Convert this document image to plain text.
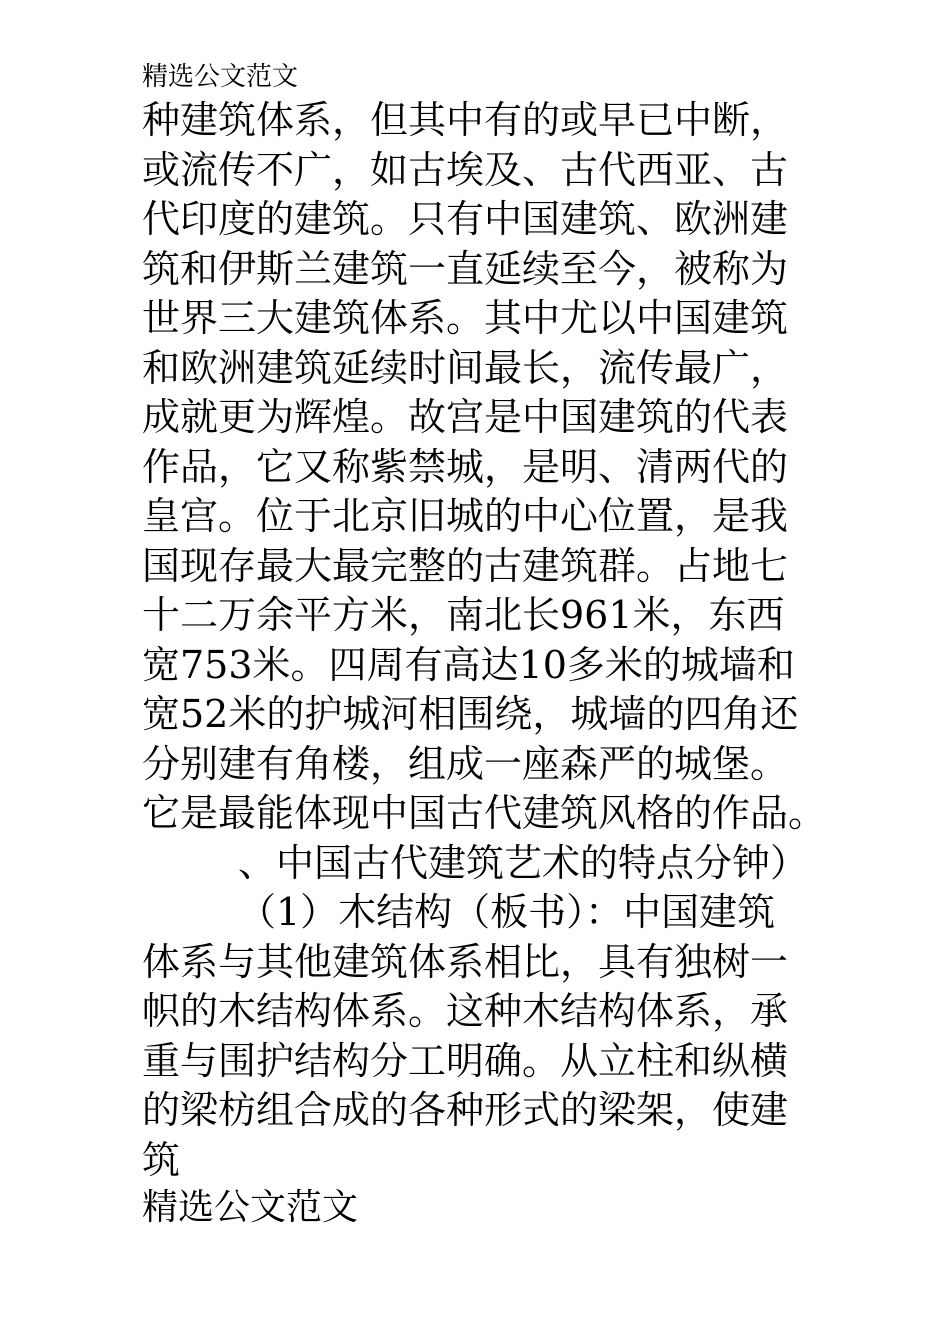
精选公文范文
种建筑体系，但其中有的或早已中断，
或流传不广，如古埃及、古代西亚、古
代印度的建筑。只有中国建筑、欧洲建
筑和伊斯兰建筑一直延续至今，被称为
世界三大建筑体系。其中尤以中国建筑
和欧洲建筑延续时间最长，流传最广，
成就更为辉煌。故宫是中国建筑的代表
作品，它又称紫禁城，是明、清两代的
皇宫。位于北京旧城的中心位置，是我
国现存最大最完整的古建筑群。占地七
十二万余平方米，南北长961米，东西
宽753米。四周有高达10多米的城墙和
宽52米的护城河相围绕，城墙的四角还
分别建有角楼，组成一座森严的城堡。
它是最能体现中国古代建筑风格的作品。
、中国古代建筑艺术的特点分钟）
（1）木结构（板书）：中国建筑
体系与其他建筑体系相比，具有独树一
帜的木结构体系。这种木结构体系，承
重与围护结构分工明确。从立柱和纵横
的梁枋组合成的各种形式的梁架，使建
筑
精选公文范文
